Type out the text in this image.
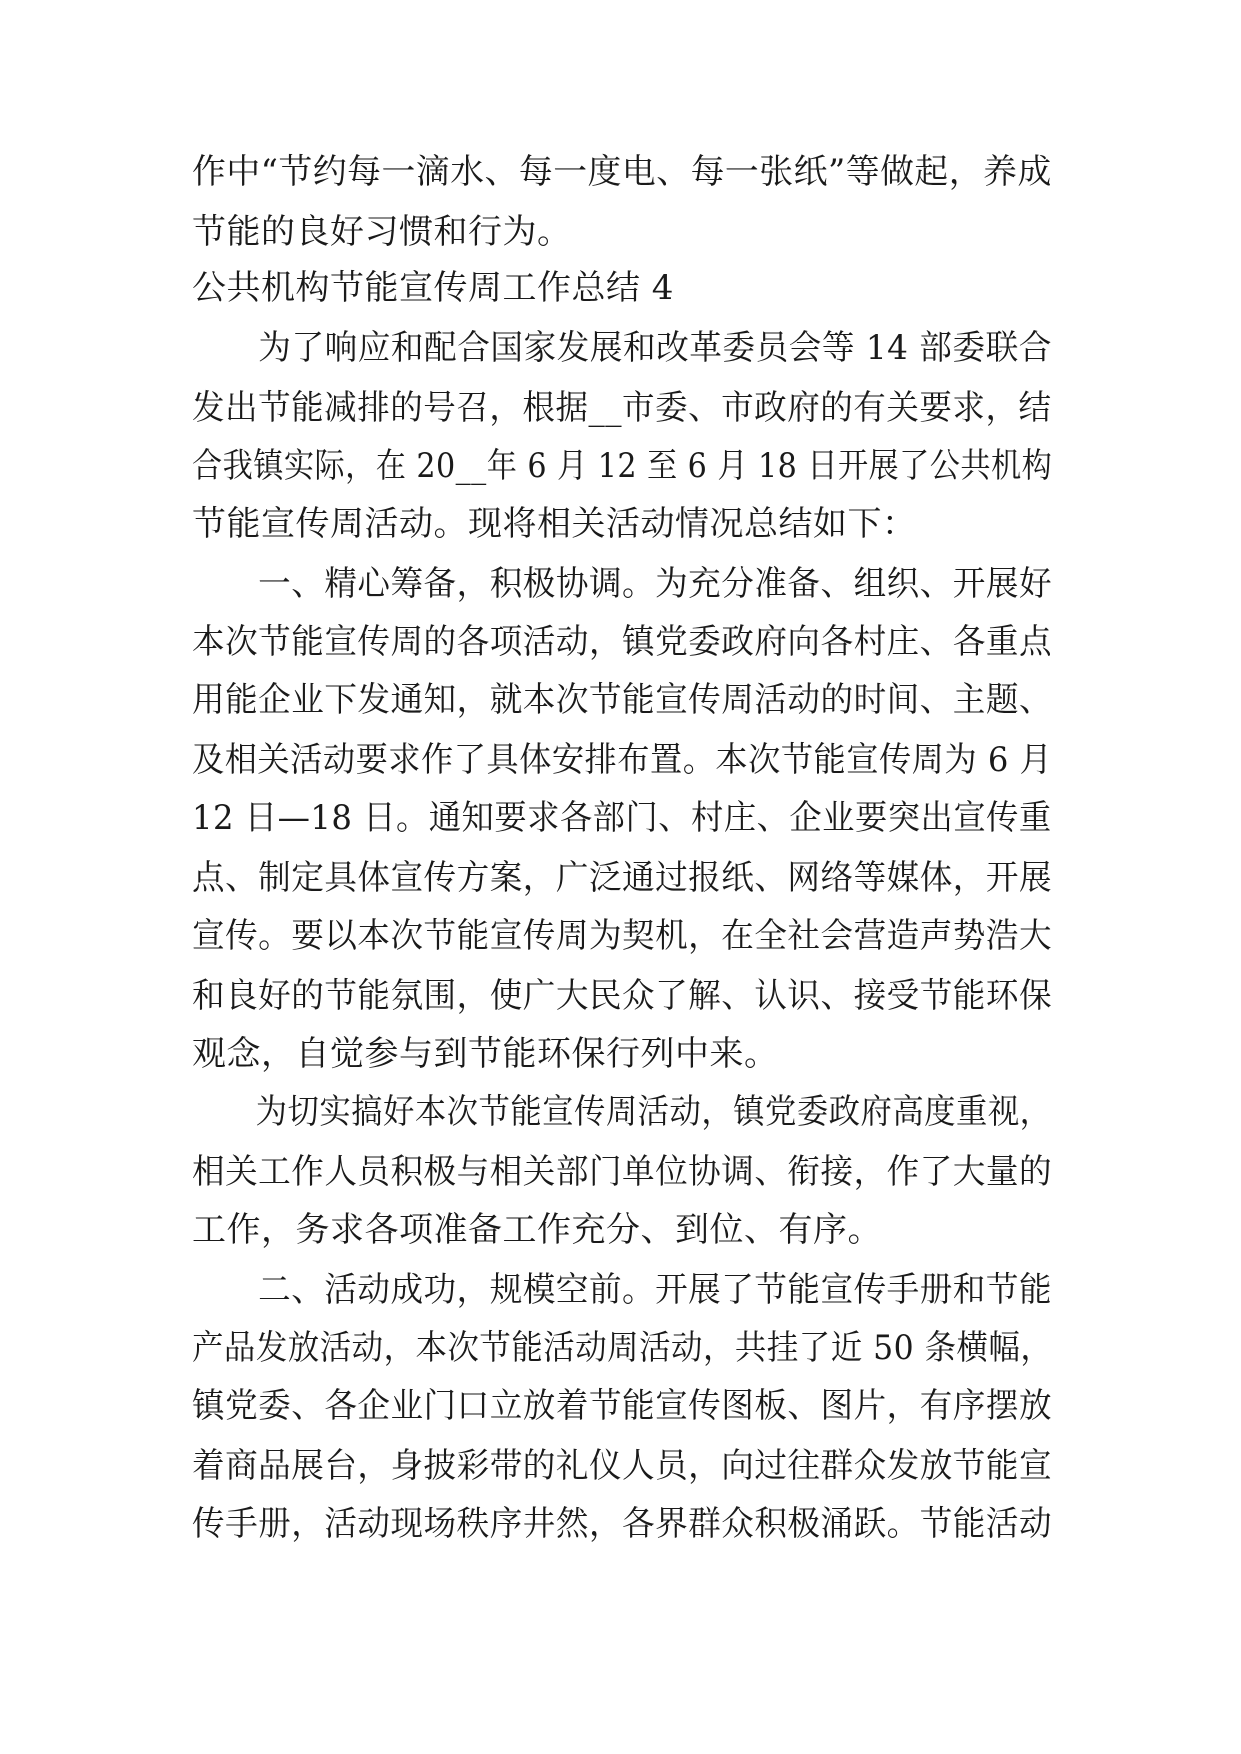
作中“节约每一滴水、每一度电、每一张纸”等做起，养成
节能的良好习惯和行为。
公共机构节能宣传周工作总结 4
　　为了响应和配合国家发展和改革委员会等 14 部委联合
发出节能减排的号召，根据__市委、市政府的有关要求，结
合我镇实际，在 20__年 6 月 12 至 6 月 18 日开展了公共机构
节能宣传周活动。现将相关活动情况总结如下：
　　一、精心筹备，积极协调。为充分准备、组织、开展好
本次节能宣传周的各项活动，镇党委政府向各村庄、各重点
用能企业下发通知，就本次节能宣传周活动的时间、主题、
及相关活动要求作了具体安排布置。本次节能宣传周为 6 月
12 日—18 日。通知要求各部门、村庄、企业要突出宣传重
点、制定具体宣传方案，广泛通过报纸、网络等媒体，开展
宣传。要以本次节能宣传周为契机，在全社会营造声势浩大
和良好的节能氛围，使广大民众了解、认识、接受节能环保
观念，自觉参与到节能环保行列中来。
　　为切实搞好本次节能宣传周活动，镇党委政府高度重视，
相关工作人员积极与相关部门单位协调、衔接，作了大量的
工作，务求各项准备工作充分、到位、有序。
　　二、活动成功，规模空前。开展了节能宣传手册和节能
产品发放活动，本次节能活动周活动，共挂了近 50 条横幅，
镇党委、各企业门口立放着节能宣传图板、图片，有序摆放
着商品展台，身披彩带的礼仪人员，向过往群众发放节能宣
传手册，活动现场秩序井然，各界群众积极涌跃。节能活动
